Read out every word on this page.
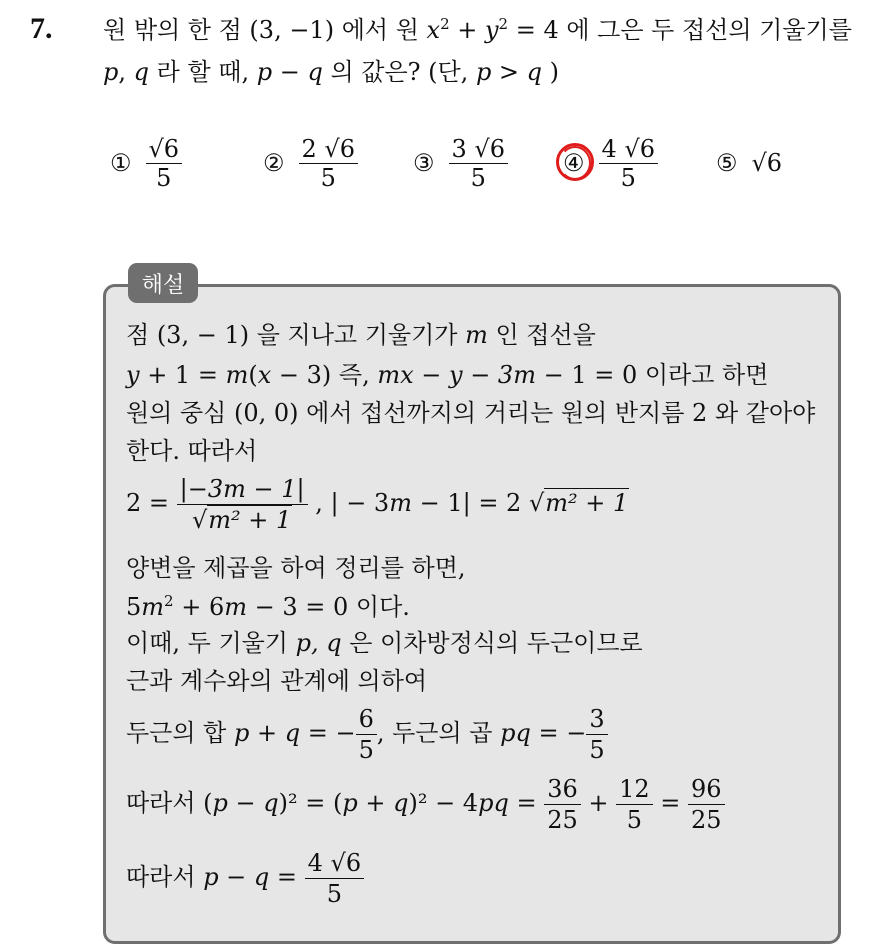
7. 원 밖의 한 점 (3, −1) 에서 원 $x^2 + y^2 = 4$ 에 그은 두 접선의 기울기를
p, q 라 할 때, p − q 의 값은? (단, p > q )
① $\frac{√6}{5}$	② $\frac{2 √6}{5}$ ③ $\frac{3 √6}{5}$ ④ $\frac{4 √6}{5}$ ⑤ √6
해설
점 (3, − 1) 을 지나고 기울기가 m 인 접선을
y + 1 = m(x − 3) 즉, mx − y − 3m − 1 = 0 이라고 하면
원의 중심 (0, 0) 에서 접선까지의 거리는 원의 반지름 2 와 같아야
한다. 따라서
$2 = \frac{|-3m - 1|}{\text{√m² + 1}}$ , | − 3m − 1| = 2 √m² + 1
양변을 제곱을 하여 정리를 하면,
$5m^2 + 6m - 3 = 0$ 이다.
이때, 두 기울기 p, q 은 이차방정식의 두근이므로
근과 계수와의 관계에 의하여
두근의 합 p + q = − $\frac{6}{5}$ , 두근의 곱 pq = − $\frac{3}{5}$
따라서 $(p - q)^2 = (p + q)^2 - 4pq = \frac{36}{25} + \frac{12}{5} = \frac{96}{25}$
따라서 $p - q = \frac{4 √6}{5}$
